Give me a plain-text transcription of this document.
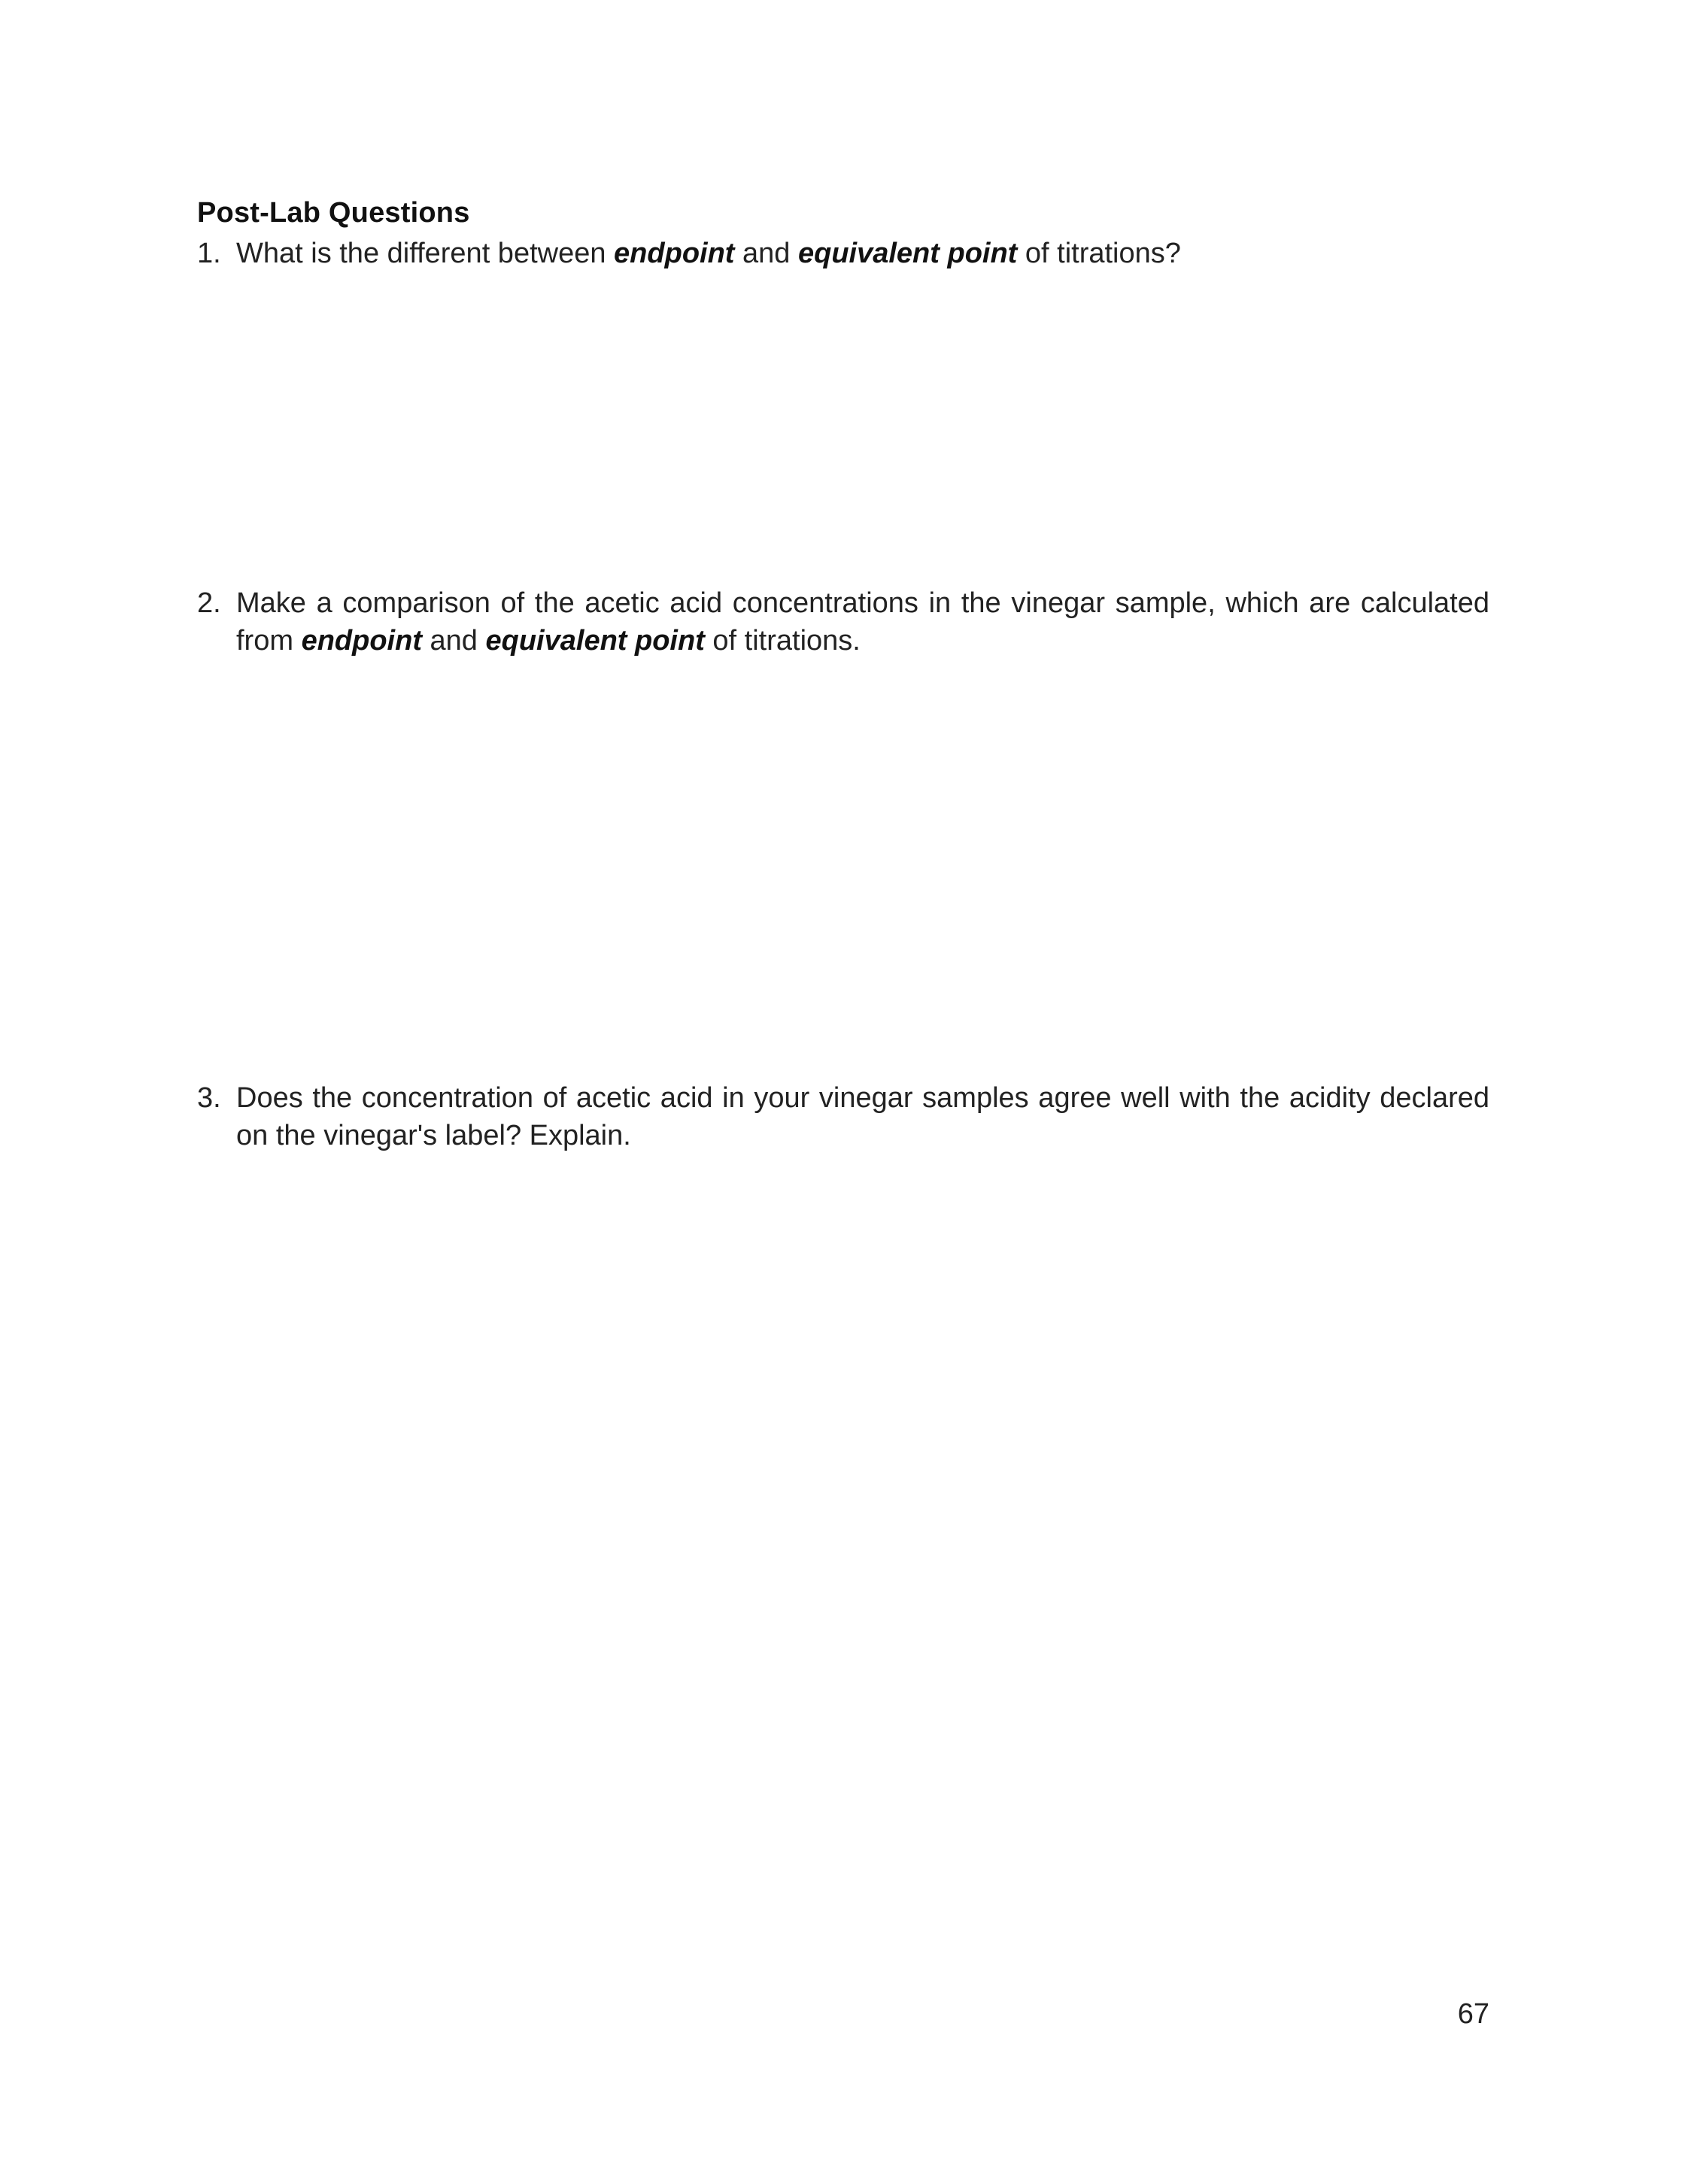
Post-Lab Questions
1. What is the different between endpoint and equivalent point of titrations?
2. Make a comparison of the acetic acid concentrations in the vinegar sample, which are calculated from endpoint and equivalent point of titrations.
3. Does the concentration of acetic acid in your vinegar samples agree well with the acidity declared on the vinegar's label? Explain.
67
